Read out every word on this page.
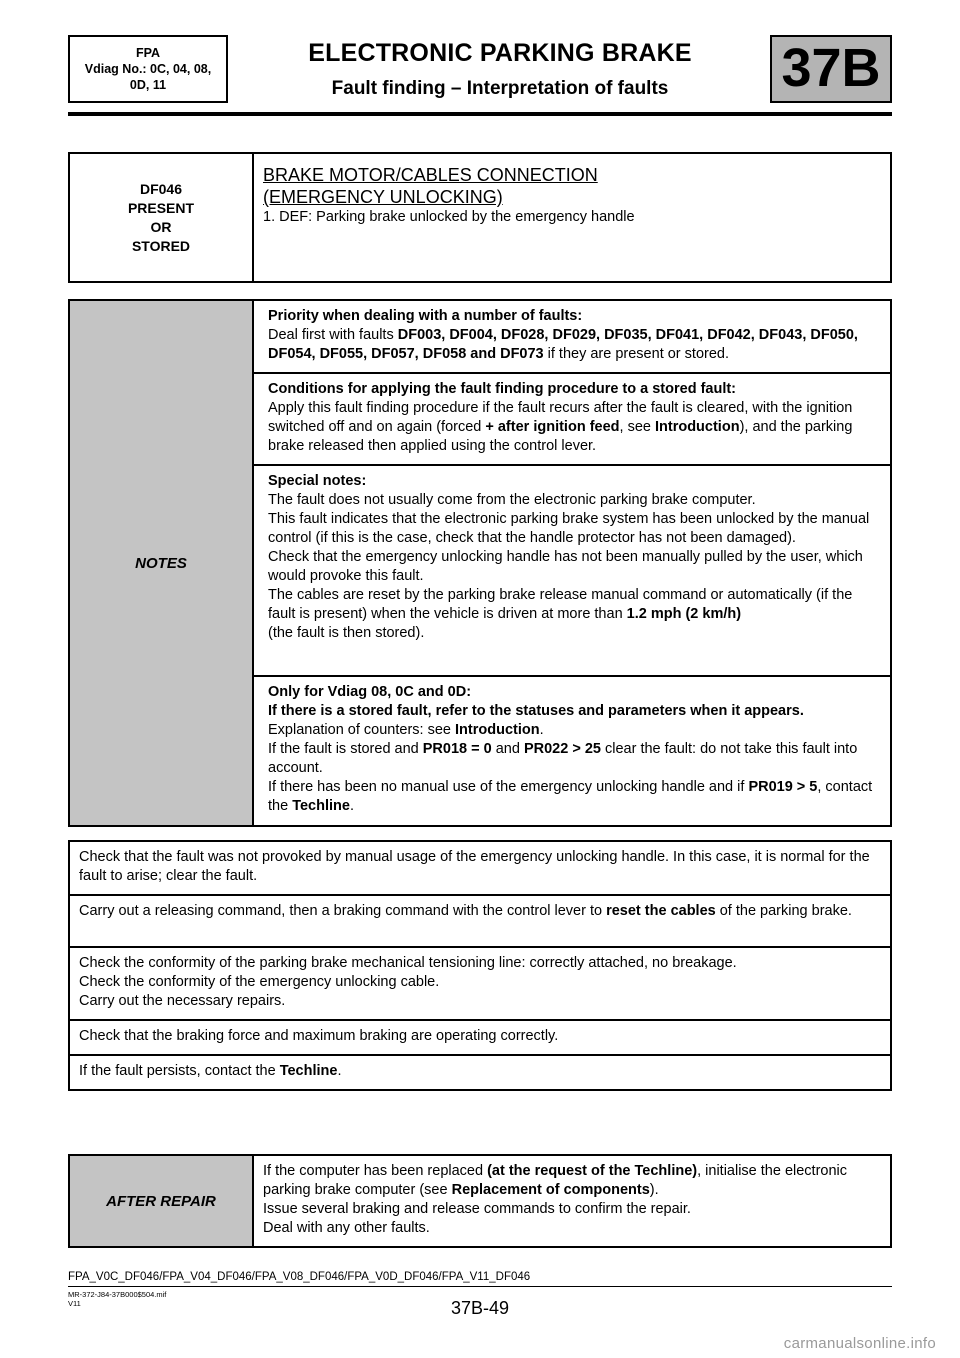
FPA
Vdiag No.: 0C, 04, 08,
0D, 11
ELECTRONIC PARKING BRAKE
Fault finding – Interpretation of faults	37B
DF046
PRESENT
OR
STORED

BRAKE MOTOR/CABLES CONNECTION
(EMERGENCY UNLOCKING)
1. DEF: Parking brake unlocked by the emergency handle
NOTES	
Priority when dealing with a number of faults:
Deal first with faults DF003, DF004, DF028, DF029, DF035, DF041, DF042, DF043, DF050, DF054, DF055, DF057, DF058 and DF073 if they are present or stored.

Conditions for applying the fault finding procedure to a stored fault:
Apply this fault finding procedure if the fault recurs after the fault is cleared, with the ignition switched off and on again (forced + after ignition feed, see Introduction), and the parking brake released then applied using the control lever.

Special notes:
The fault does not usually come from the electronic parking brake computer.
This fault indicates that the electronic parking brake system has been unlocked by the manual control (if this is the case, check that the handle protector has not been damaged).
Check that the emergency unlocking handle has not been manually pulled by the user, which would provoke this fault.
The cables are reset by the parking brake release manual command or automatically (if the fault is present) when the vehicle is driven at more than 1.2 mph (2 km/h)
(the fault is then stored).

Only for Vdiag 08, 0C and 0D:
If there is a stored fault, refer to the statuses and parameters when it appears.
Explanation of counters: see Introduction.
If the fault is stored and PR018 = 0 and PR022 > 25 clear the fault: do not take this fault into account.
If there has been no manual use of the emergency unlocking handle and if PR019 > 5, contact the Techline.
Check that the fault was not provoked by manual usage of the emergency unlocking handle. In this case, it is normal for the fault to arise; clear the fault.
Carry out a releasing command, then a braking command with the control lever to reset the cables of the parking brake.

Check the conformity of the parking brake mechanical tensioning line: correctly attached, no breakage.
Check the conformity of the emergency unlocking cable.
Carry out the necessary repairs.

Check that the braking force and maximum braking are operating correctly.
If the fault persists, contact the Techline.
AFTER REPAIR	
If the computer has been replaced (at the request of the Techline), initialise the electronic parking brake computer (see Replacement of components).
Issue several braking and release commands to confirm the repair.
Deal with any other faults.
FPA_V0C_DF046/FPA_V04_DF046/FPA_V08_DF046/FPA_V0D_DF046/FPA_V11_DF046
MR-372-J84-37B000$504.mif
V11	37B-49
carmanualsonline.info
